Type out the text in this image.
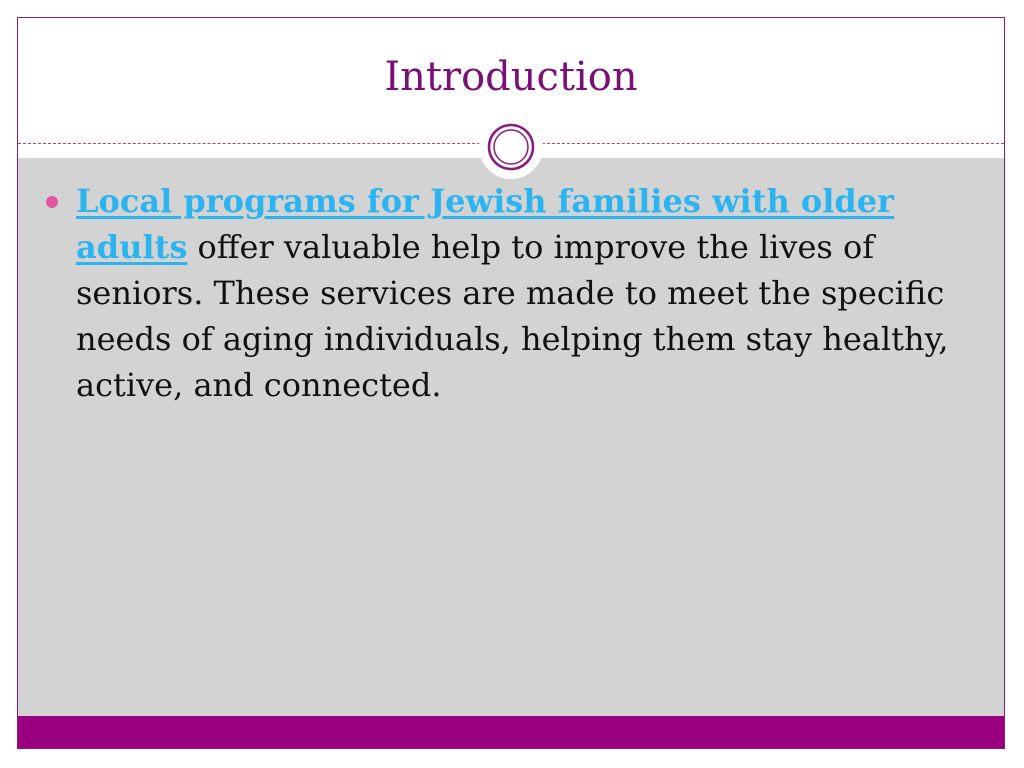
Introduction
Local programs for Jewish families with older adults offer valuable help to improve the lives of seniors. These services are made to meet the specific needs of aging individuals, helping them stay healthy, active, and connected.
